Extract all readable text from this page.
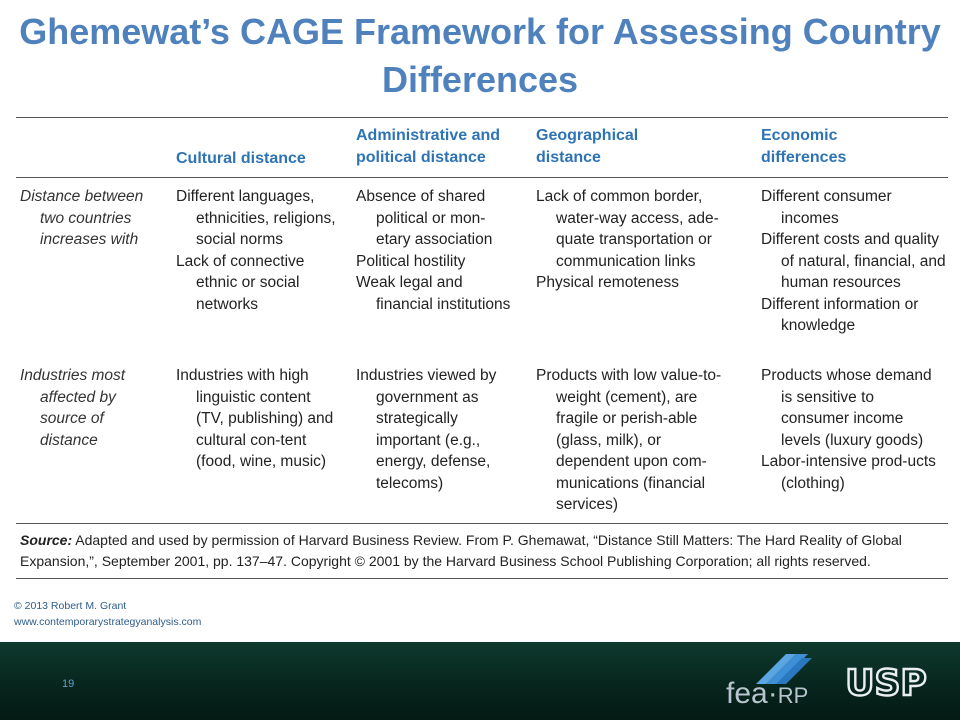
Ghemewat’s CAGE Framework for Assessing Country Differences
Cultural distance
Administrative and political distance
Geographical distance
Economic differences
Distance between
two countries
increases with
Different languages, ethnicities, religions, social norms
Lack of connective ethnic or social networks
Absence of shared political or mon-etary association
Political hostility
Weak legal and financial institutions
Lack of common border, water-way access, ade-quate transportation or communication links
Physical remoteness
Different consumer incomes
Different costs and quality of natural, financial, and human resources
Different information or knowledge
Industries most
affected by
source of
distance
Industries with high linguistic content (TV, publishing) and cultural con-tent (food, wine, music)
Industries viewed by government as strategically important (e.g., energy, defense, telecoms)
Products with low value-to-weight (cement), are fragile or perish-able (glass, milk), or dependent upon com-munications (financial services)
Products whose demand is sensitive to consumer income levels (luxury goods)
Labor-intensive prod-ucts (clothing)
Source: Adapted and used by permission of Harvard Business Review. From P. Ghemawat, “Distance Still Matters: The Hard Reality of Global Expansion,”, September 2001, pp. 137–47. Copyright © 2001 by the Harvard Business School Publishing Corporation; all rights reserved.
© 2013 Robert M. Grant
www.contemporarystrategyanalysis.com
19	fea·RP USP
